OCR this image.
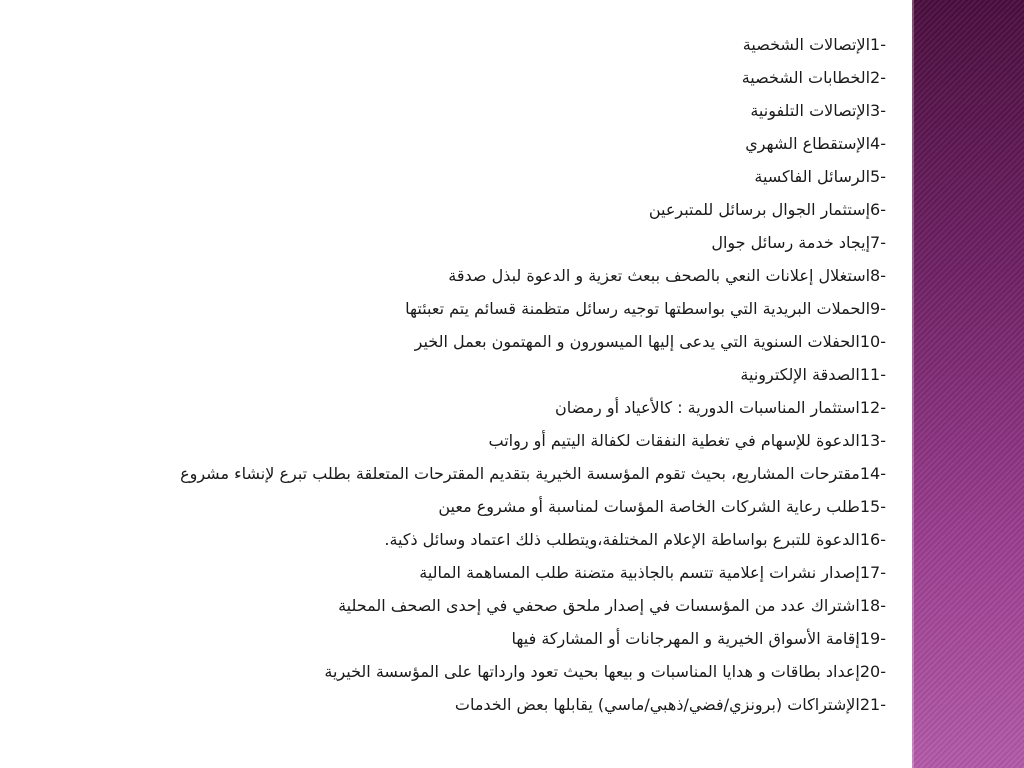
1-الإتصالات الشخصية
2-الخطابات الشخصية
3-الإتصالات التلفونية
4-الإستقطاع الشهري
5-الرسائل الفاكسية
6-إستثمار الجوال برسائل للمتبرعين
7-إيجاد خدمة رسائل جوال
8-استغلال إعلانات النعي بالصحف ببعث تعزية و الدعوة لبذل صدقة
9-الحملات البريدية التي بواسطتها توجيه رسائل متظمنة قسائم يتم تعبئتها
10-الحفلات السنوية التي يدعى إليها الميسورون و المهتمون بعمل الخير
11-الصدقة الإلكترونية
12-استثمار المناسبات الدورية : كالأعياد أو رمضان
13-الدعوة للإسهام في تغطية النفقات لكفالة اليتيم أو رواتب
14-مقترحات المشاريع، بحيث تقوم المؤسسة الخيرية بتقديم المقترحات المتعلقة بطلب تبرع لإنشاء مشروع
15-طلب رعاية الشركات الخاصة المؤسات لمناسبة أو مشروع معين
16-الدعوة للتبرع بواساطة الإعلام المختلفة،ويتطلب ذلك اعتماد وسائل ذكية.
17-إصدار نشرات إعلامية تتسم بالجاذبية متضنة طلب المساهمة المالية
18-اشتراك عدد من المؤسسات في إصدار ملحق صحفي في إحدى الصحف المحلية
19-إقامة الأسواق الخيرية و المهرجانات أو المشاركة فيها
20-إعداد بطاقات و هدايا المناسبات و بيعها بحيث تعود وارداتها على المؤسسة الخيرية
21-الإشتراكات (برونزي/فضي/ذهبي/ماسي) يقابلها بعض الخدمات
